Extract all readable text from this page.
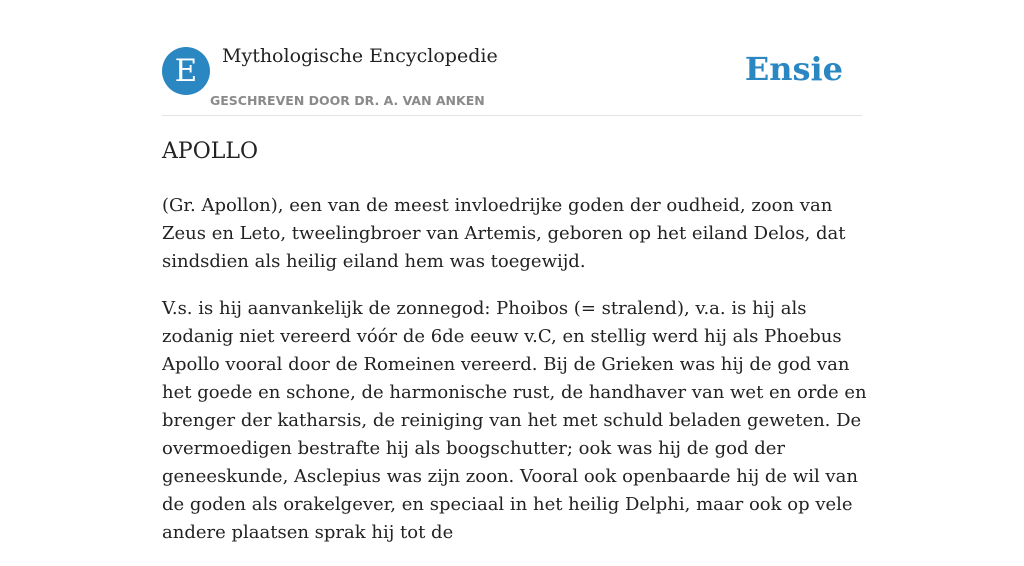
E	Mythologische Encyclopedie
GESCHREVEN DOOR DR. A. VAN ANKEN
Ensie
APOLLO

(Gr. Apollon), een van de meest invloedrijke goden der oudheid, zoon van Zeus en Leto, tweelingbroer van Artemis, geboren op het eiland Delos, dat sindsdien als heilig eiland hem was toegewijd.

V.s. is hij aanvankelijk de zonnegod: Phoibos (= stralend), v.a. is hij als zodanig niet vereerd vóór de 6de eeuw v.C, en stellig werd hij als Phoebus Apollo vooral door de Romeinen vereerd. Bij de Grieken was hij de god van het goede en schone, de harmonische rust, de handhaver van wet en orde en brenger der katharsis, de reiniging van het met schuld beladen geweten. De overmoedigen bestrafte hij als boogschutter; ook was hij de god der geneeskunde, Asclepius was zijn zoon. Vooral ook openbaarde hij de wil van de goden als orakelgever, en speciaal in het heilig Delphi, maar ook op vele andere plaatsen sprak hij tot de
